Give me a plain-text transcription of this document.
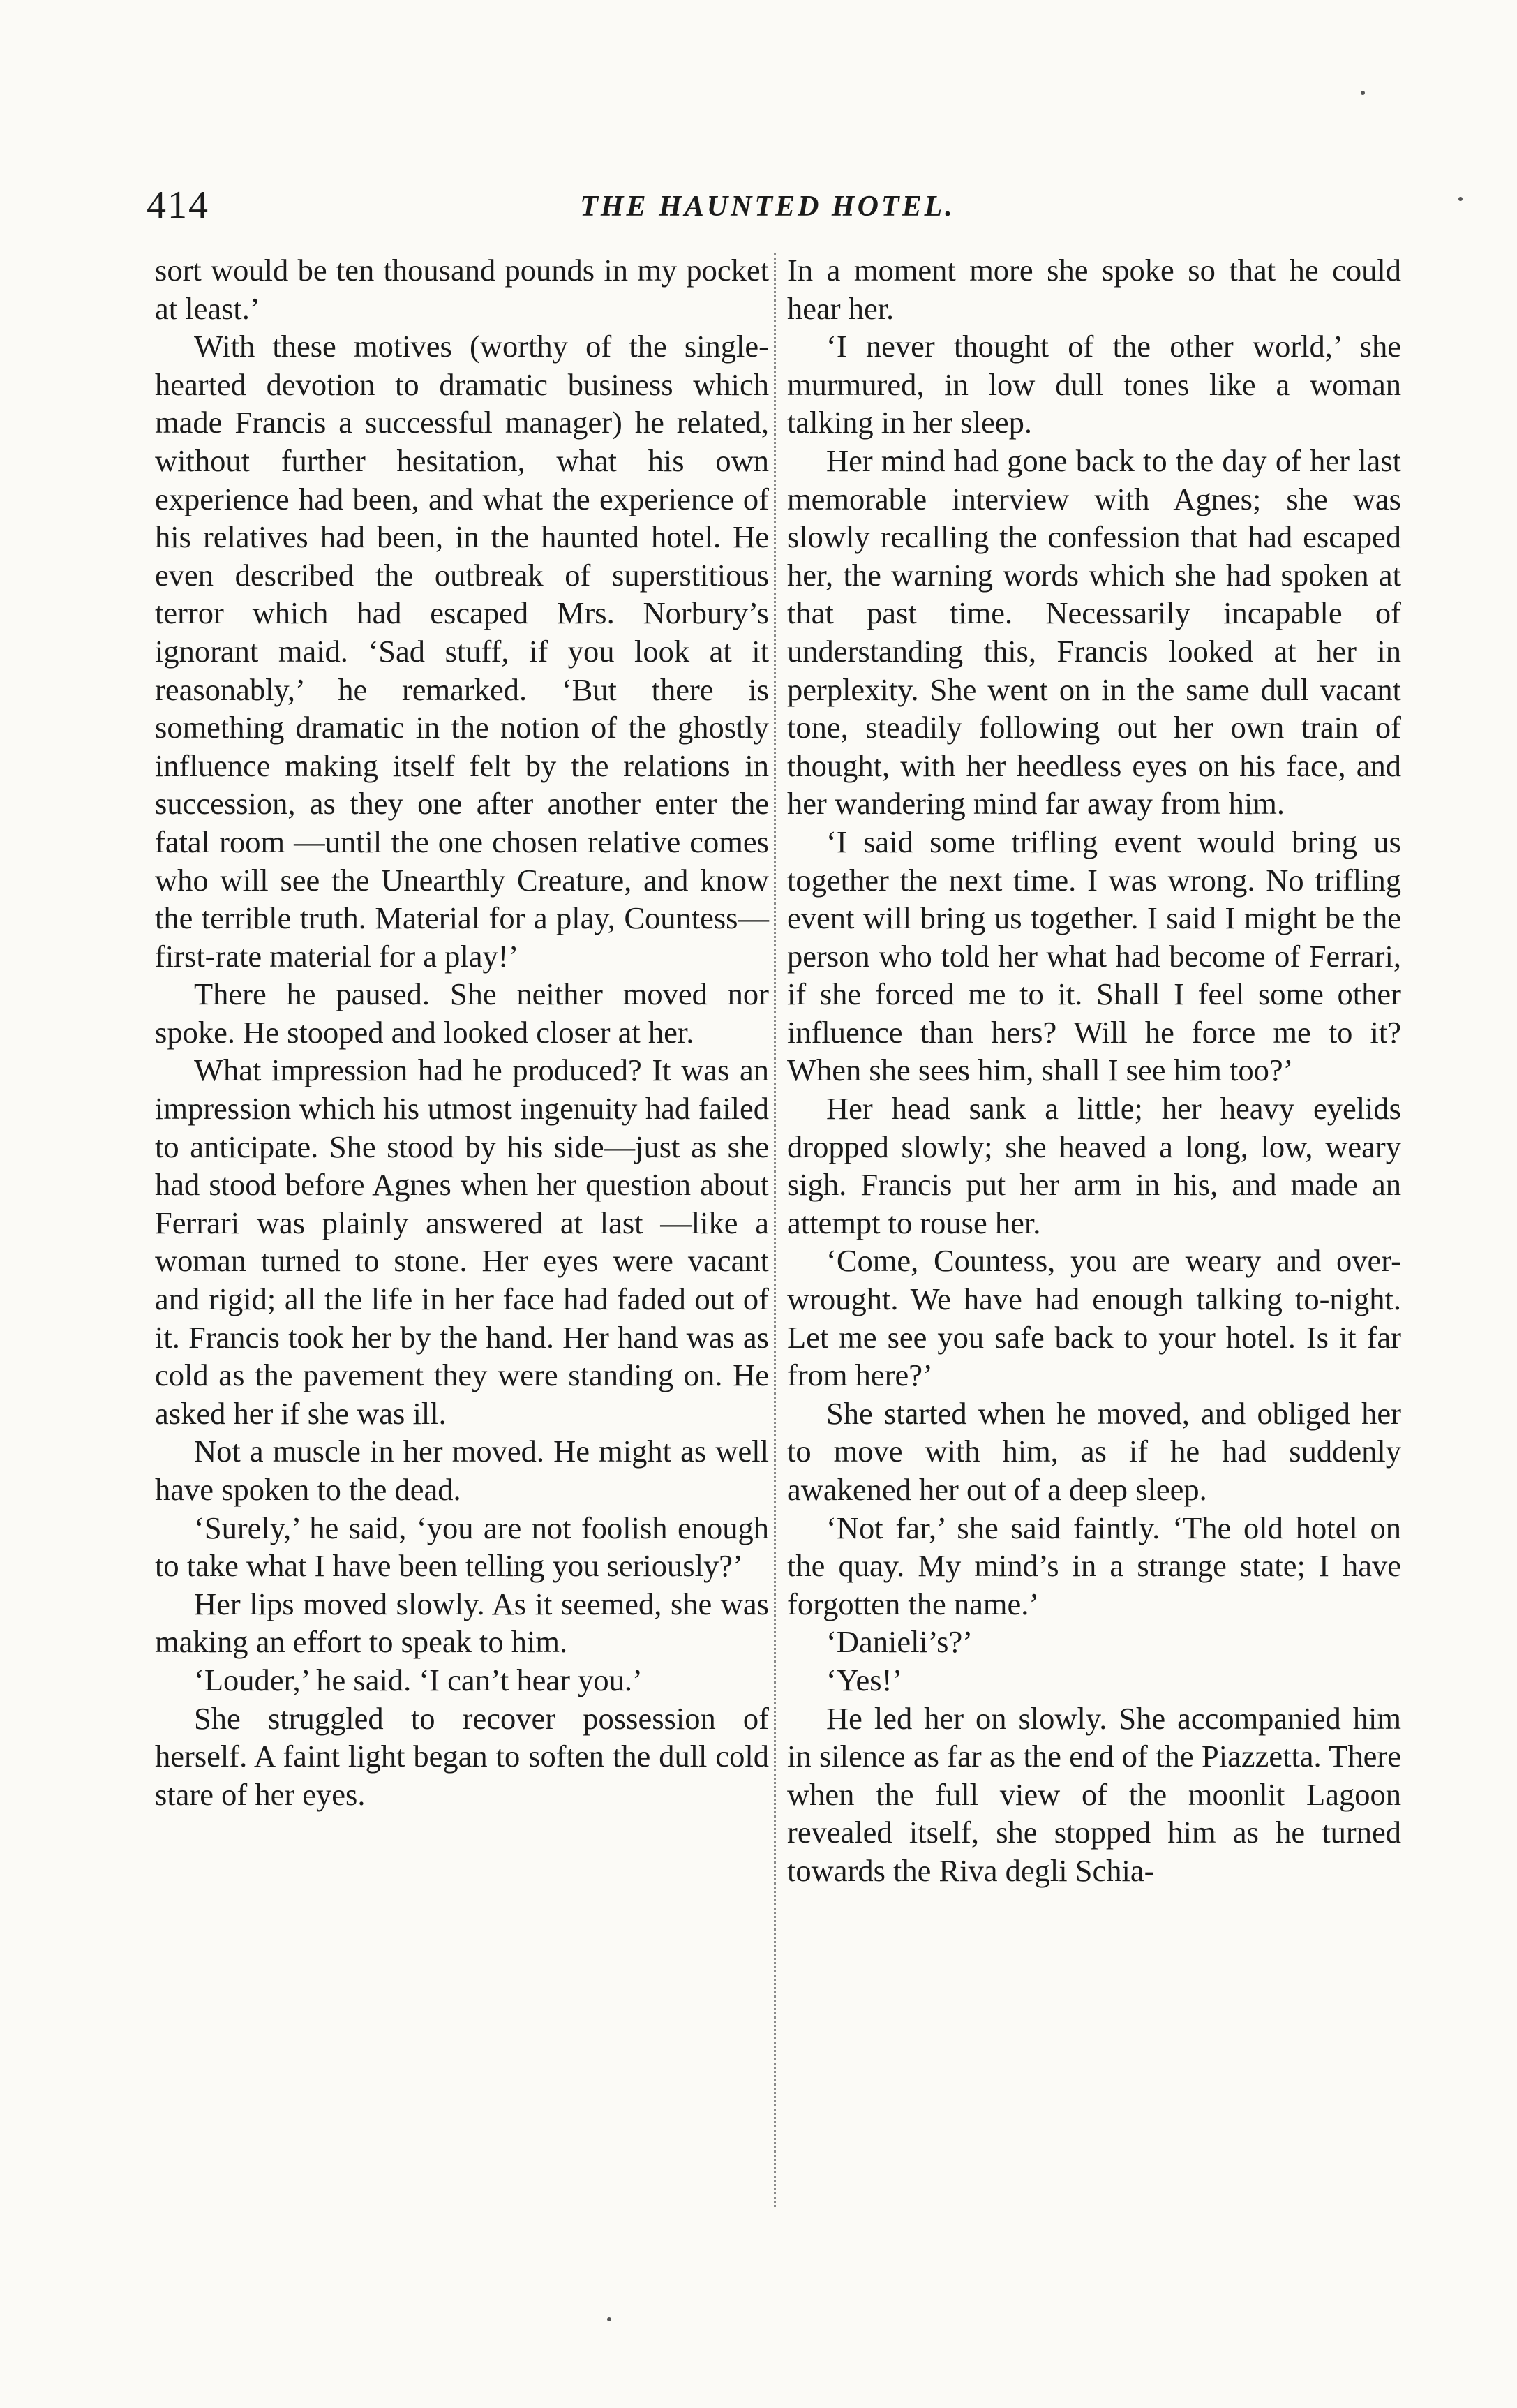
414	THE HAUNTED HOTEL.

sort would be ten thousand pounds in my pocket at least.’

With these motives (worthy of the single-hearted devotion to dramatic business which made Francis a successful manager) he related, without further hesitation, what his own experience had been, and what the experience of his relatives had been, in the haunted hotel. He even described the outbreak of superstitious terror which had escaped Mrs. Norbury’s ignorant maid. ‘Sad stuff, if you look at it reasonably,’ he remarked. ‘But there is something dramatic in the notion of the ghostly influence making itself felt by the relations in succession, as they one after another enter the fatal room —until the one chosen relative comes who will see the Unearthly Creature, and know the terrible truth. Material for a play, Countess—first-rate material for a play!’

There he paused. She neither moved nor spoke. He stooped and looked closer at her.

What impression had he produced? It was an impression which his utmost ingenuity had failed to anticipate. She stood by his side—just as she had stood before Agnes when her question about Ferrari was plainly answered at last —like a woman turned to stone. Her eyes were vacant and rigid; all the life in her face had faded out of it. Francis took her by the hand. Her hand was as cold as the pavement they were standing on. He asked her if she was ill.

Not a muscle in her moved. He might as well have spoken to the dead.

‘Surely,’ he said, ‘you are not foolish enough to take what I have been telling you seriously?’

Her lips moved slowly. As it seemed, she was making an effort to speak to him.

‘Louder,’ he said. ‘I can’t hear you.’

She struggled to recover possession of herself. A faint light began to soften the dull cold stare of her eyes.

In a moment more she spoke so that he could hear her.

‘I never thought of the other world,’ she murmured, in low dull tones like a woman talking in her sleep.

Her mind had gone back to the day of her last memorable interview with Agnes; she was slowly recalling the confession that had escaped her, the warning words which she had spoken at that past time. Necessarily incapable of understanding this, Francis looked at her in perplexity. She went on in the same dull vacant tone, steadily following out her own train of thought, with her heedless eyes on his face, and her wandering mind far away from him.

‘I said some trifling event would bring us together the next time. I was wrong. No trifling event will bring us together. I said I might be the person who told her what had become of Ferrari, if she forced me to it. Shall I feel some other influence than hers? Will he force me to it? When she sees him, shall I see him too?’

Her head sank a little; her heavy eyelids dropped slowly; she heaved a long, low, weary sigh. Francis put her arm in his, and made an attempt to rouse her.

‘Come, Countess, you are weary and over-wrought. We have had enough talking to-night. Let me see you safe back to your hotel. Is it far from here?’

She started when he moved, and obliged her to move with him, as if he had suddenly awakened her out of a deep sleep.

‘Not far,’ she said faintly. ‘The old hotel on the quay. My mind’s in a strange state; I have forgotten the name.’

‘Danieli’s?’

‘Yes!’

He led her on slowly. She accompanied him in silence as far as the end of the Piazzetta. There when the full view of the moonlit Lagoon revealed itself, she stopped him as he turned towards the Riva degli Schia-
